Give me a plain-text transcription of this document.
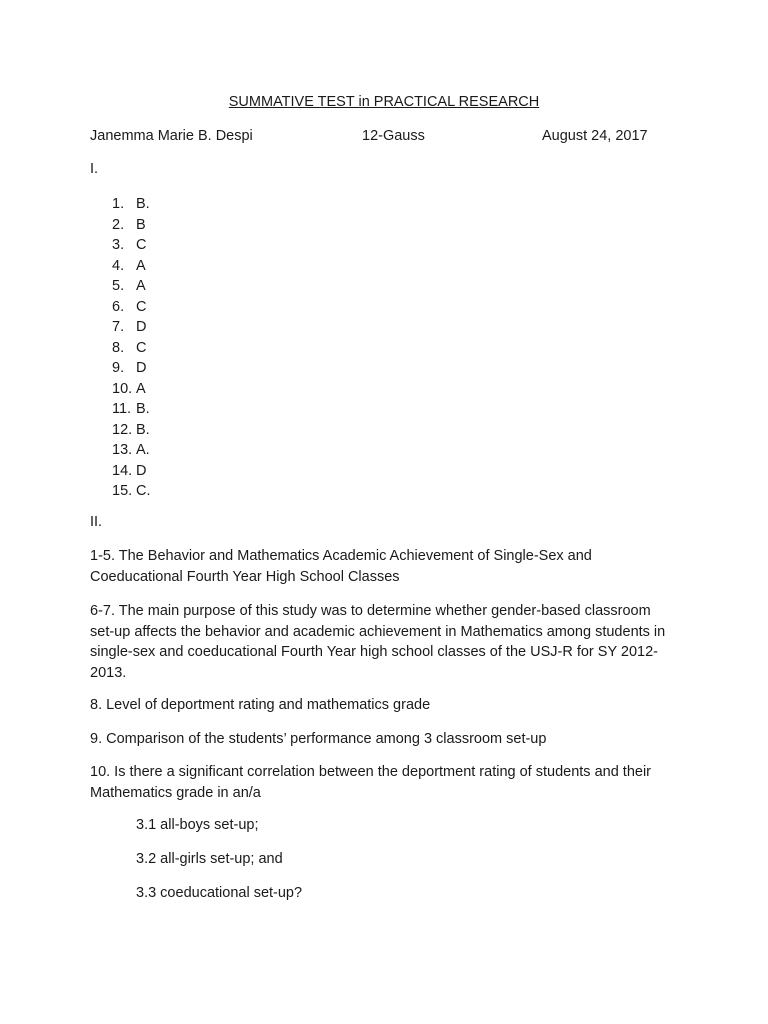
SUMMATIVE TEST in PRACTICAL RESEARCH
Janemma Marie B. Despi	12-Gauss	August 24, 2017
I.
1. B.
2. B
3. C
4. A
5. A
6. C
7. D
8. C
9. D
10. A
11. B.
12. B.
13. A.
14. D
15. C.
II.
1-5. The Behavior and Mathematics Academic Achievement of Single-Sex and Coeducational Fourth Year High School Classes
6-7. The main purpose of this study was to determine whether gender-based classroom set-up affects the behavior and academic achievement in Mathematics among students in single-sex and coeducational Fourth Year high school classes of the USJ-R for SY 2012-2013.
8. Level of deportment rating and mathematics grade
9. Comparison of the students’ performance among 3 classroom set-up
10. Is there a significant correlation between the deportment rating of students and their Mathematics grade in an/a
3.1 all-boys set-up;
3.2 all-girls set-up; and
3.3 coeducational set-up?
